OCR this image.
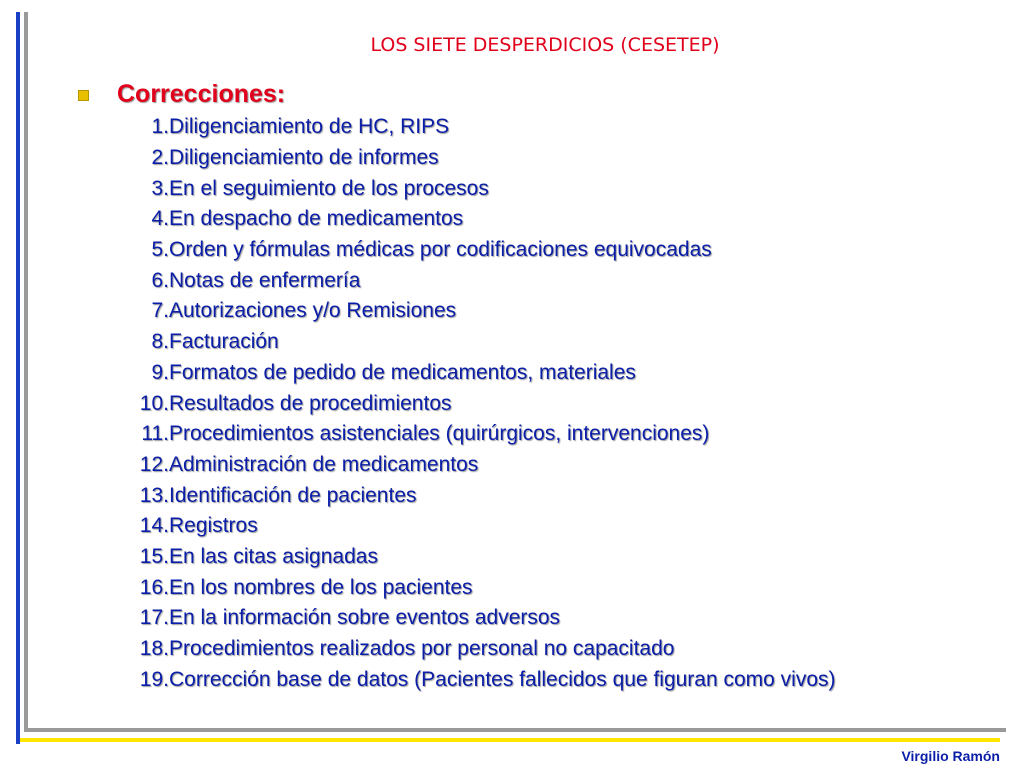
LOS SIETE DESPERDICIOS (CESETEP)
Correcciones:
1. Diligenciamiento de HC, RIPS
2. Diligenciamiento de informes
3. En el seguimiento de los procesos
4. En despacho de medicamentos
5. Orden y fórmulas médicas por codificaciones equivocadas
6. Notas de enfermería
7. Autorizaciones y/o Remisiones
8. Facturación
9. Formatos de pedido de medicamentos, materiales
10. Resultados de procedimientos
11. Procedimientos asistenciales (quirúrgicos, intervenciones)
12. Administración de medicamentos
13. Identificación de pacientes
14. Registros
15. En las citas asignadas
16. En los nombres de los pacientes
17. En la información sobre eventos adversos
18. Procedimientos realizados por personal no capacitado
19. Corrección base de datos (Pacientes fallecidos que figuran como vivos)
Virgilio Ramón
